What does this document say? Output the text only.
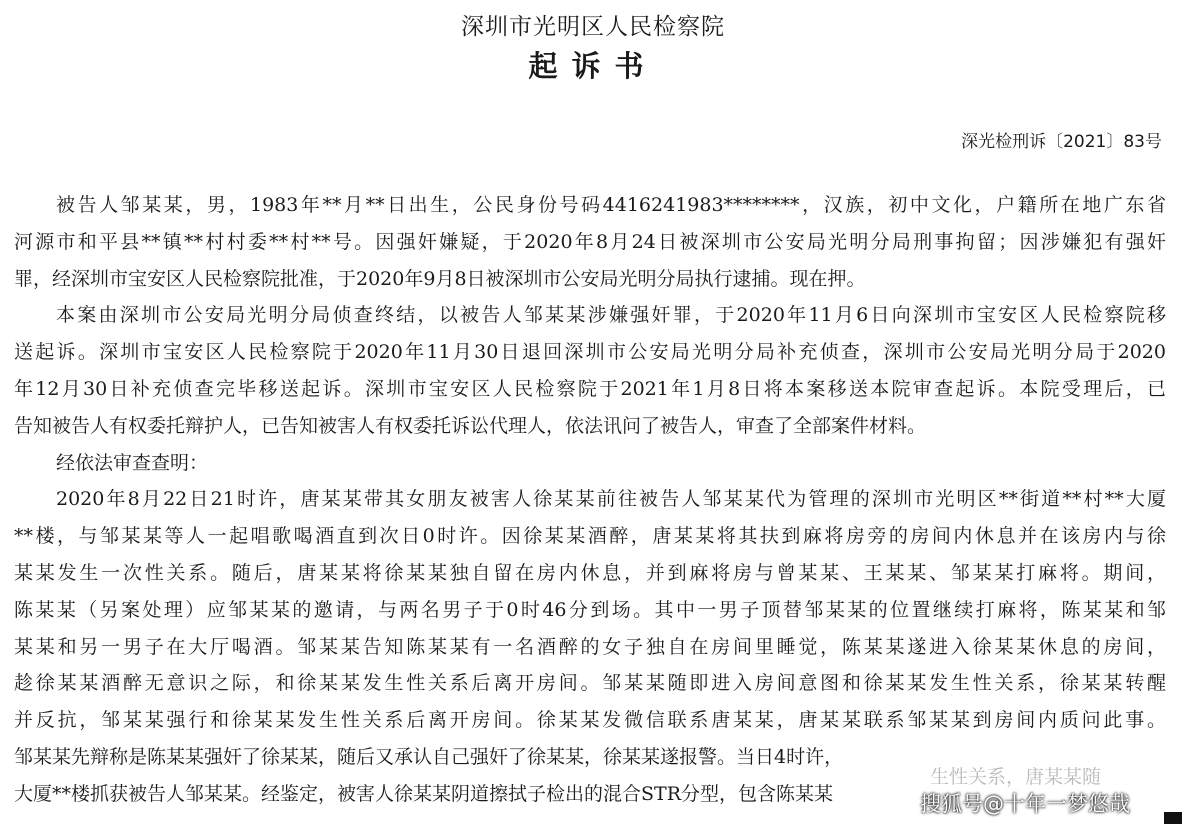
深圳市光明区人民检察院
起诉书
深光检刑诉〔2021〕83号
被告人邹某某，男，1983年**月**日出生，公民身份号码4416241983********，汉族，初中文化，户籍所在地广东省
河源市和平县**镇**村村委**村**号。因强奸嫌疑，于2020年8月24日被深圳市公安局光明分局刑事拘留；因涉嫌犯有强奸
罪，经深圳市宝安区人民检察院批准，于2020年9月8日被深圳市公安局光明分局执行逮捕。现在押。
本案由深圳市公安局光明分局侦查终结，以被告人邹某某涉嫌强奸罪，于2020年11月6日向深圳市宝安区人民检察院移
送起诉。深圳市宝安区人民检察院于2020年11月30日退回深圳市公安局光明分局补充侦查，深圳市公安局光明分局于2020
年12月30日补充侦查完毕移送起诉。深圳市宝安区人民检察院于2021年1月8日将本案移送本院审查起诉。本院受理后，已
告知被告人有权委托辩护人，已告知被害人有权委托诉讼代理人，依法讯问了被告人，审查了全部案件材料。
经依法审查查明：
2020年8月22日21时许，唐某某带其女朋友被害人徐某某前往被告人邹某某代为管理的深圳市光明区**街道**村**大厦
**楼，与邹某某等人一起唱歌喝酒直到次日0时许。因徐某某酒醉，唐某某将其扶到麻将房旁的房间内休息并在该房内与徐
某某发生一次性关系。随后，唐某某将徐某某独自留在房内休息，并到麻将房与曾某某、王某某、邹某某打麻将。期间，
陈某某（另案处理）应邹某某的邀请，与两名男子于0时46分到场。其中一男子顶替邹某某的位置继续打麻将，陈某某和邹
某某和另一男子在大厅喝酒。邹某某告知陈某某有一名酒醉的女子独自在房间里睡觉，陈某某遂进入徐某某休息的房间，
趁徐某某酒醉无意识之际，和徐某某发生性关系后离开房间。邹某某随即进入房间意图和徐某某发生性关系，徐某某转醒
并反抗，邹某某强行和徐某某发生性关系后离开房间。徐某某发微信联系唐某某，唐某某联系邹某某到房间内质问此事。
邹某某先辩称是陈某某强奸了徐某某，随后又承认自己强奸了徐某某，徐某某遂报警。当日4时许，
大厦**楼抓获被告人邹某某。经鉴定，被害人徐某某阴道擦拭子检出的混合STR分型，包含陈某某
生性关系，唐某某随
搜狐号@十年一梦悠哉
